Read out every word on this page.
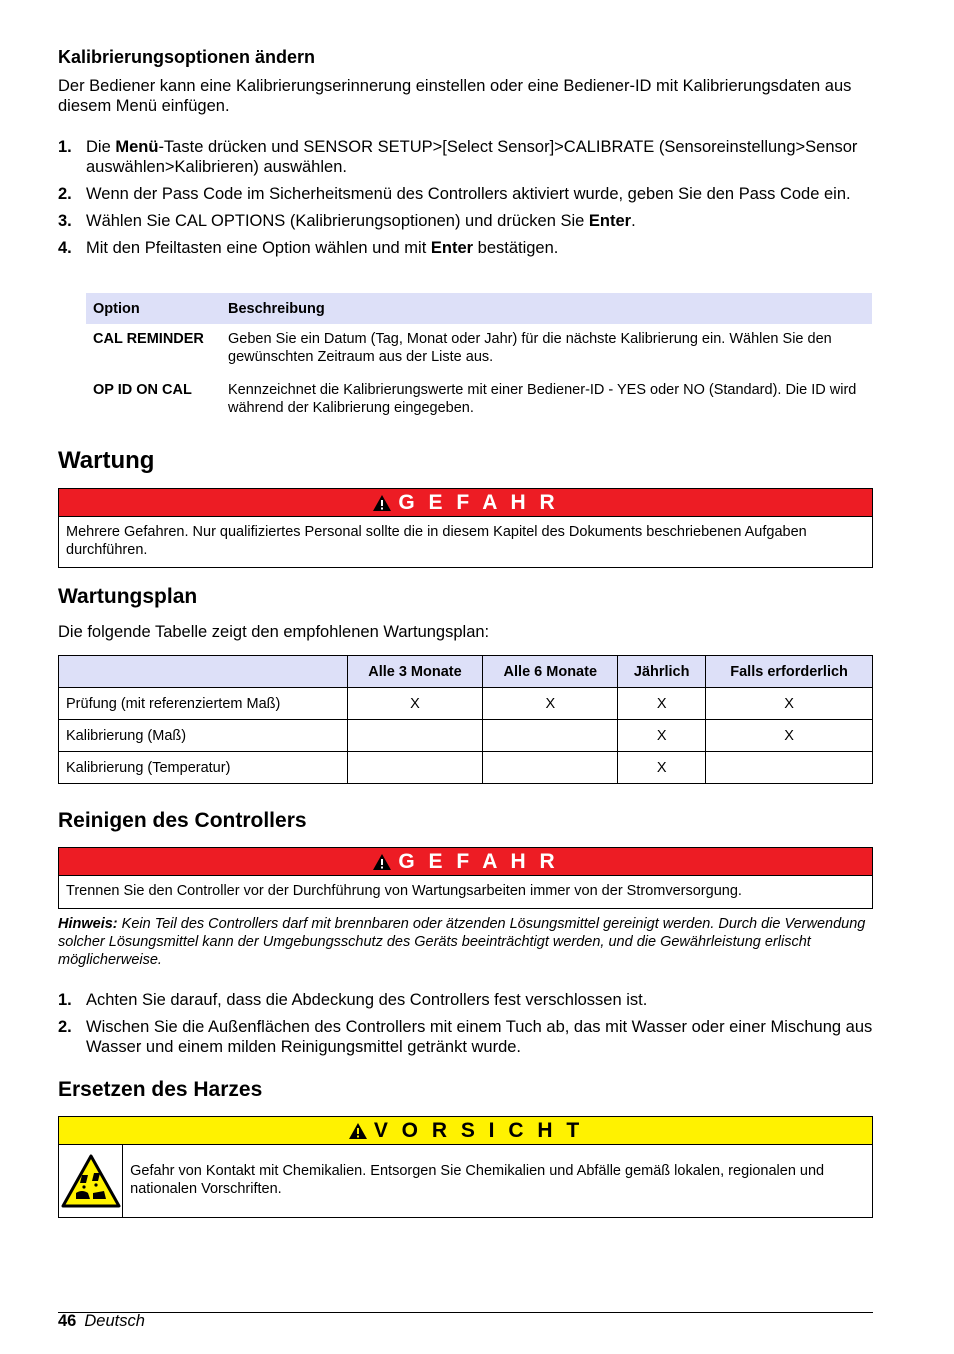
Kalibrierungsoptionen ändern

Der Bediener kann eine Kalibrierungserinnerung einstellen oder eine Bediener-ID mit Kalibrierungsdaten aus diesem Menü einfügen.

1. Die Menü-Taste drücken und SENSOR SETUP>[Select Sensor]>CALIBRATE (Sensoreinstellung>Sensor auswählen>Kalibrieren) auswählen.
2. Wenn der Pass Code im Sicherheitsmenü des Controllers aktiviert wurde, geben Sie den Pass Code ein.
3. Wählen Sie CAL OPTIONS (Kalibrierungsoptionen) und drücken Sie Enter.
4. Mit den Pfeiltasten eine Option wählen und mit Enter bestätigen.
Option	Beschreibung
CAL REMINDER	Geben Sie ein Datum (Tag, Monat oder Jahr) für die nächste Kalibrierung ein. Wählen Sie den gewünschten Zeitraum aus der Liste aus.
OP ID ON CAL	Kennzeichnet die Kalibrierungswerte mit einer Bediener-ID - YES oder NO (Standard). Die ID wird während der Kalibrierung eingegeben.
Wartung
G E F A H R
Mehrere Gefahren. Nur qualifiziertes Personal sollte die in diesem Kapitel des Dokuments beschriebenen Aufgaben durchführen.
Wartungsplan

Die folgende Tabelle zeigt den empfohlenen Wartungsplan:

	Alle 3 Monate	Alle 6 Monate	Jährlich	Falls erforderlich
Prüfung (mit referenziertem Maß)	X	X	X	X
Kalibrierung (Maß)			X	X
Kalibrierung (Temperatur)			X	
Reinigen des Controllers
G E F A H R
Trennen Sie den Controller vor der Durchführung von Wartungsarbeiten immer von der Stromversorgung.

Hinweis: Kein Teil des Controllers darf mit brennbaren oder ätzenden Lösungsmittel gereinigt werden. Durch die Verwendung solcher Lösungsmittel kann der Umgebungsschutz des Geräts beeinträchtigt werden, und die Gewährleistung erlischt möglicherweise.

1. Achten Sie darauf, dass die Abdeckung des Controllers fest verschlossen ist.
2. Wischen Sie die Außenflächen des Controllers mit einem Tuch ab, das mit Wasser oder einer Mischung aus Wasser und einem milden Reinigungsmittel getränkt wurde.
Ersetzen des Harzes
V O R S I C H T
Gefahr von Kontakt mit Chemikalien. Entsorgen Sie Chemikalien und Abfälle gemäß lokalen, regionalen und nationalen Vorschriften.
46 Deutsch
